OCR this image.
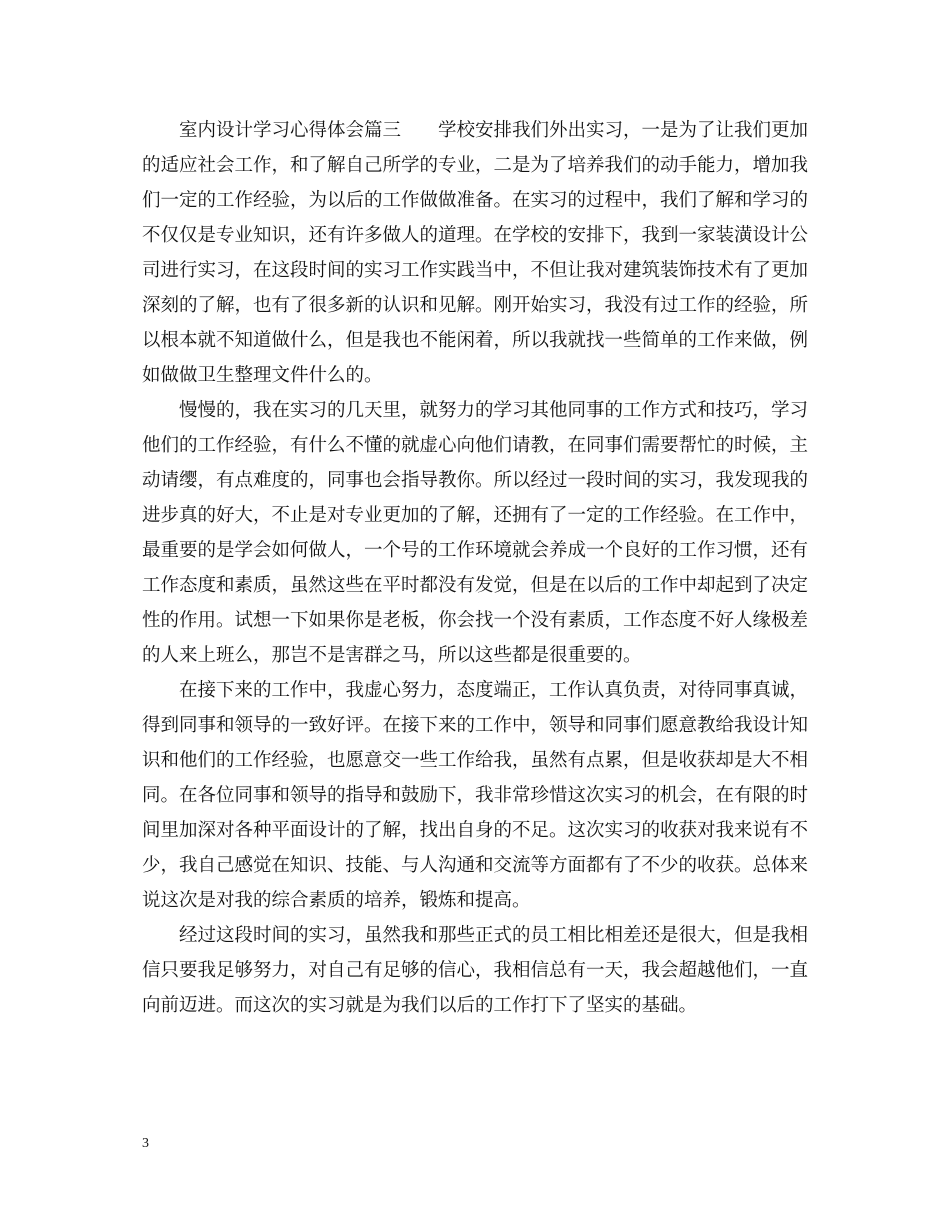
室内设计学习心得体会篇三　　学校安排我们外出实习，一是为了让我们更加的适应社会工作，和了解自己所学的专业，二是为了培养我们的动手能力，增加我们一定的工作经验，为以后的工作做做准备。在实习的过程中，我们了解和学习的不仅仅是专业知识，还有许多做人的道理。在学校的安排下，我到一家装潢设计公司进行实习，在这段时间的实习工作实践当中，不但让我对建筑装饰技术有了更加深刻的了解，也有了很多新的认识和见解。刚开始实习，我没有过工作的经验，所以根本就不知道做什么，但是我也不能闲着，所以我就找一些简单的工作来做，例如做做卫生整理文件什么的。

慢慢的，我在实习的几天里，就努力的学习其他同事的工作方式和技巧，学习他们的工作经验，有什么不懂的就虚心向他们请教，在同事们需要帮忙的时候，主动请缨，有点难度的，同事也会指导教你。所以经过一段时间的实习，我发现我的进步真的好大，不止是对专业更加的了解，还拥有了一定的工作经验。在工作中，最重要的是学会如何做人，一个号的工作环境就会养成一个良好的工作习惯，还有工作态度和素质，虽然这些在平时都没有发觉，但是在以后的工作中却起到了决定性的作用。试想一下如果你是老板，你会找一个没有素质，工作态度不好人缘极差的人来上班么，那岂不是害群之马，所以这些都是很重要的。

在接下来的工作中，我虚心努力，态度端正，工作认真负责，对待同事真诚，得到同事和领导的一致好评。在接下来的工作中，领导和同事们愿意教给我设计知识和他们的工作经验，也愿意交一些工作给我，虽然有点累，但是收获却是大不相同。在各位同事和领导的指导和鼓励下，我非常珍惜这次实习的机会，在有限的时间里加深对各种平面设计的了解，找出自身的不足。这次实习的收获对我来说有不少，我自己感觉在知识、技能、与人沟通和交流等方面都有了不少的收获。总体来说这次是对我的综合素质的培养，锻炼和提高。

经过这段时间的实习，虽然我和那些正式的员工相比相差还是很大，但是我相信只要我足够努力，对自己有足够的信心，我相信总有一天，我会超越他们，一直向前迈进。而这次的实习就是为我们以后的工作打下了坚实的基础。

3
